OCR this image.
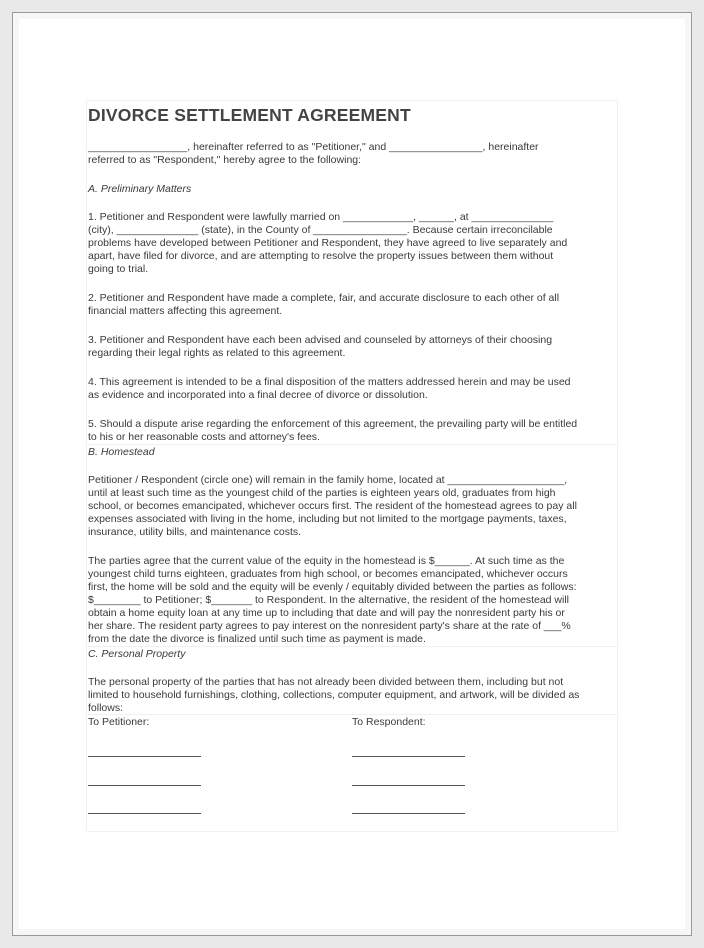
DIVORCE SETTLEMENT AGREEMENT
_________________, hereinafter referred to as "Petitioner," and ________________, hereinafter
referred to as "Respondent," hereby agree to the following:
A. Preliminary Matters
1. Petitioner and Respondent were lawfully married on ____________, ______, at ______________
(city), ______________ (state), in the County of ________________. Because certain irreconcilable
problems have developed between Petitioner and Respondent, they have agreed to live separately and
apart, have filed for divorce, and are attempting to resolve the property issues between them without
going to trial.
2. Petitioner and Respondent have made a complete, fair, and accurate disclosure to each other of all
financial matters affecting this agreement.
3. Petitioner and Respondent have each been advised and counseled by attorneys of their choosing
regarding their legal rights as related to this agreement.
4. This agreement is intended to be a final disposition of the matters addressed herein and may be used
as evidence and incorporated into a final decree of divorce or dissolution.
5. Should a dispute arise regarding the enforcement of this agreement, the prevailing party will be entitled
to his or her reasonable costs and attorney's fees.
B. Homestead
Petitioner / Respondent (circle one) will remain in the family home, located at ____________________,
until at least such time as the youngest child of the parties is eighteen years old, graduates from high
school, or becomes emancipated, whichever occurs first. The resident of the homestead agrees to pay all
expenses associated with living in the home, including but not limited to the mortgage payments, taxes,
insurance, utility bills, and maintenance costs.
The parties agree that the current value of the equity in the homestead is $______. At such time as the
youngest child turns eighteen, graduates from high school, or becomes emancipated, whichever occurs
first, the home will be sold and the equity will be evenly / equitably divided between the parties as follows:
$________ to Petitioner; $_______ to Respondent. In the alternative, the resident of the homestead will
obtain a home equity loan at any time up to including that date and will pay the nonresident party his or
her share. The resident party agrees to pay interest on the nonresident party's share at the rate of ___%
from the date the divorce is finalized until such time as payment is made.
C. Personal Property
The personal property of the parties that has not already been divided between them, including but not
limited to household furnishings, clothing, collections, computer equipment, and artwork, will be divided as
follows:
To Petitioner:	To Respondent:
